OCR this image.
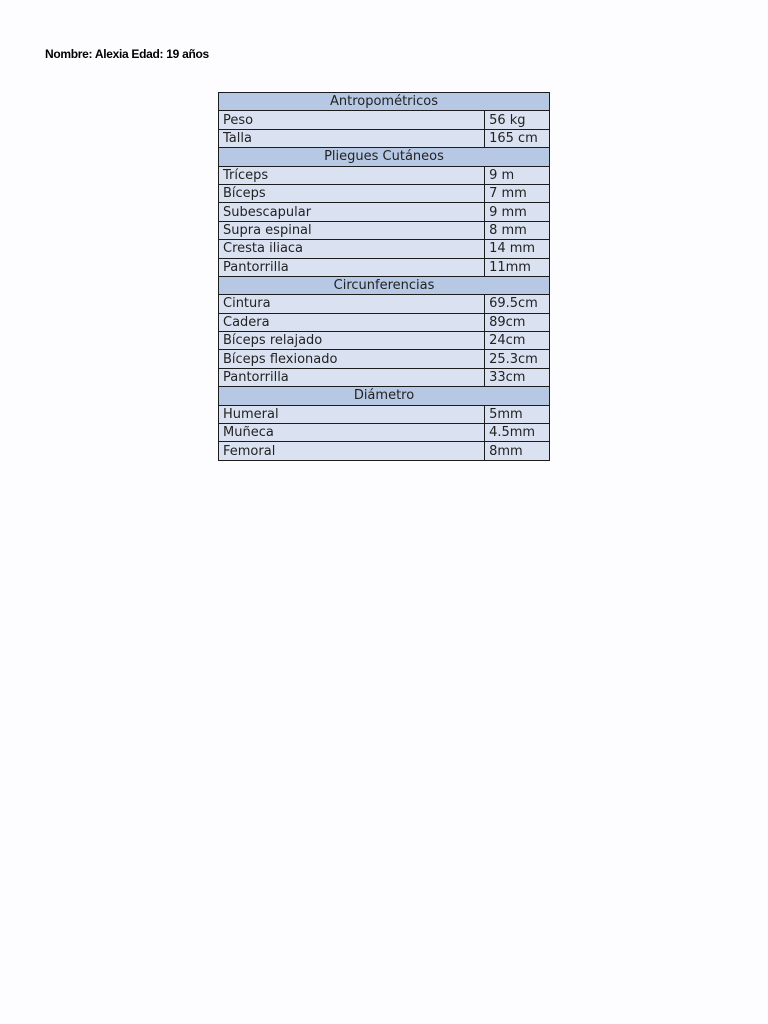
Nombre: Alexia Edad: 19 años
Antropométricos	
Peso	56 kg
Talla	165 cm
Pliegues Cutáneos	
Tríceps	9 m
Bíceps	7 mm
Subescapular	9 mm
Supra espinal	8 mm
Cresta iliaca	14 mm
Pantorrilla	11mm
Circunferencias	
Cintura	69.5cm
Cadera	89cm
Bíceps relajado	24cm
Bíceps flexionado	25.3cm
Pantorrilla	33cm
Diámetro	
Humeral	5mm
Muñeca	4.5mm
Femoral	8mm
